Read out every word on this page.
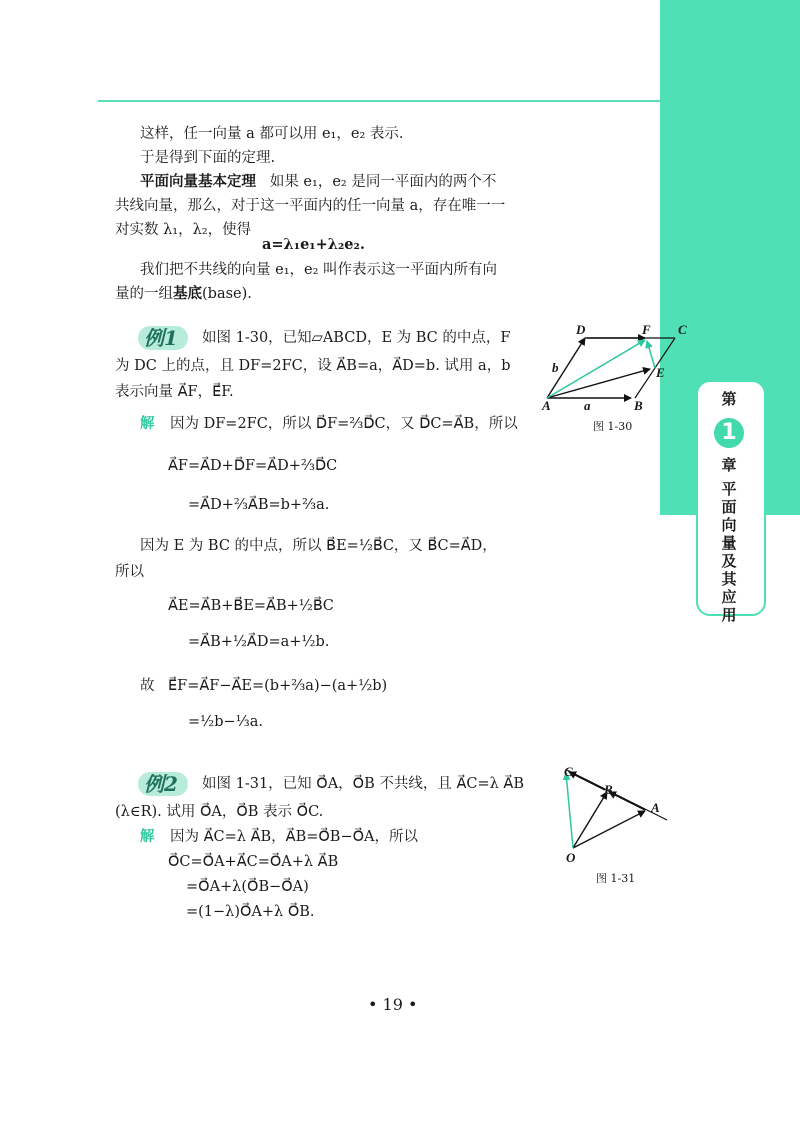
第
1
章
平面向量及其应用
这样，任一向量 a 都可以用 e₁，e₂ 表示.
于是得到下面的定理.
平面向量基本定理 如果 e₁，e₂ 是同一平面内的两个不
共线向量，那么，对于这一平面内的任一向量 a，存在唯一一
对实数 λ₁，λ₂，使得
a=λ₁e₁+λ₂e₂.
我们把不共线的向量 e₁，e₂ 叫作表示这一平面内所有向
量的一组基底(base).
例1	如图 1-30，已知▱ABCD，E 为 BC 的中点，F
为 DC 上的点，且 DF=2FC，设 A⃗B=a，A⃗D=b. 试用 a，b
表示向量 A⃗F，E⃗F.
解 因为 DF=2FC，所以 D⃗F=⅔D⃗C，又 D⃗C=A⃗B，所以
A⃗F=A⃗D+D⃗F=A⃗D+⅔D⃗C
=A⃗D+⅔A⃗B=b+⅔a.
因为 E 为 BC 的中点，所以 B⃗E=½B⃗C，又 B⃗C=A⃗D，
所以
A⃗E=A⃗B+B⃗E=A⃗B+½B⃗C
=A⃗B+½A⃗D=a+½b.
故 E⃗F=A⃗F−A⃗E=(b+⅔a)−(a+½b)
=½b−⅓a.
例2	如图 1-31，已知 O⃗A，O⃗B 不共线，且 A⃗C=λ A⃗B
(λ∈R). 试用 O⃗A，O⃗B 表示 O⃗C.
解 因为 A⃗C=λ A⃗B，A⃗B=O⃗B−O⃗A，所以
O⃗C=O⃗A+A⃗C=O⃗A+λ A⃗B
=O⃗A+λ(O⃗B−O⃗A)
=(1−λ)O⃗A+λ O⃗B.
A	B
C
D
E
F
a
b
图 1-30
O
A
B
C
图 1-31
• 19 •
